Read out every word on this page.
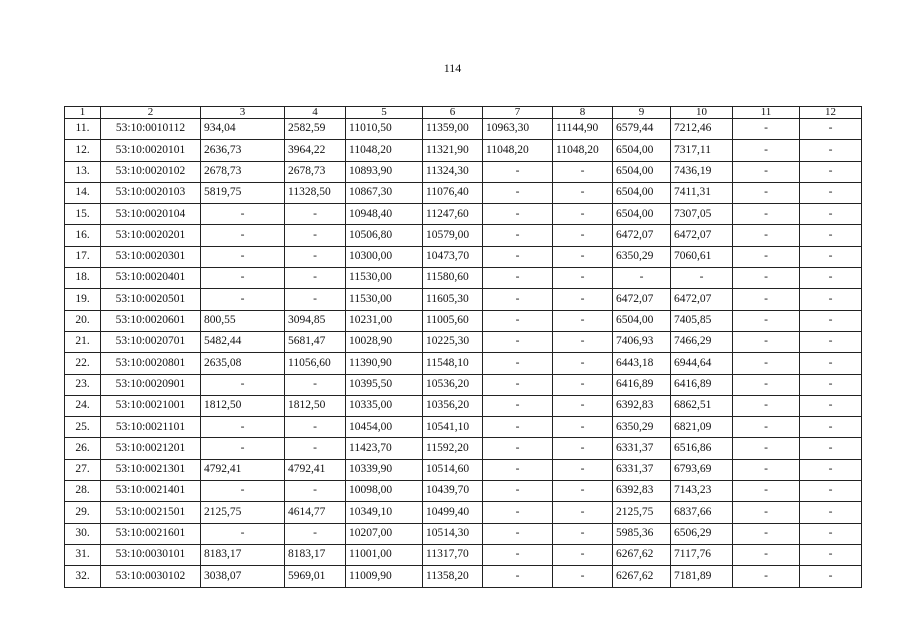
114
1	2	3	4	5	6	7	8	9	10	11	12
11.	53:10:0010112	934,04	2582,59	11010,50	11359,00	10963,30	11144,90	6579,44	7212,46	-	-
12.	53:10:0020101	2636,73	3964,22	11048,20	11321,90	11048,20	11048,20	6504,00	7317,11	-	-
13.	53:10:0020102	2678,73	2678,73	10893,90	11324,30	-	-	6504,00	7436,19	-	-
14.	53:10:0020103	5819,75	11328,50	10867,30	11076,40	-	-	6504,00	7411,31	-	-
15.	53:10:0020104	-	-	10948,40	11247,60	-	-	6504,00	7307,05	-	-
16.	53:10:0020201	-	-	10506,80	10579,00	-	-	6472,07	6472,07	-	-
17.	53:10:0020301	-	-	10300,00	10473,70	-	-	6350,29	7060,61	-	-
18.	53:10:0020401	-	-	11530,00	11580,60	-	-	-	-	-	-
19.	53:10:0020501	-	-	11530,00	11605,30	-	-	6472,07	6472,07	-	-
20.	53:10:0020601	800,55	3094,85	10231,00	11005,60	-	-	6504,00	7405,85	-	-
21.	53:10:0020701	5482,44	5681,47	10028,90	10225,30	-	-	7406,93	7466,29	-	-
22.	53:10:0020801	2635,08	11056,60	11390,90	11548,10	-	-	6443,18	6944,64	-	-
23.	53:10:0020901	-	-	10395,50	10536,20	-	-	6416,89	6416,89	-	-
24.	53:10:0021001	1812,50	1812,50	10335,00	10356,20	-	-	6392,83	6862,51	-	-
25.	53:10:0021101	-	-	10454,00	10541,10	-	-	6350,29	6821,09	-	-
26.	53:10:0021201	-	-	11423,70	11592,20	-	-	6331,37	6516,86	-	-
27.	53:10:0021301	4792,41	4792,41	10339,90	10514,60	-	-	6331,37	6793,69	-	-
28.	53:10:0021401	-	-	10098,00	10439,70	-	-	6392,83	7143,23	-	-
29.	53:10:0021501	2125,75	4614,77	10349,10	10499,40	-	-	2125,75	6837,66	-	-
30.	53:10:0021601	-	-	10207,00	10514,30	-	-	5985,36	6506,29	-	-
31.	53:10:0030101	8183,17	8183,17	11001,00	11317,70	-	-	6267,62	7117,76	-	-
32.	53:10:0030102	3038,07	5969,01	11009,90	11358,20	-	-	6267,62	7181,89	-	-
